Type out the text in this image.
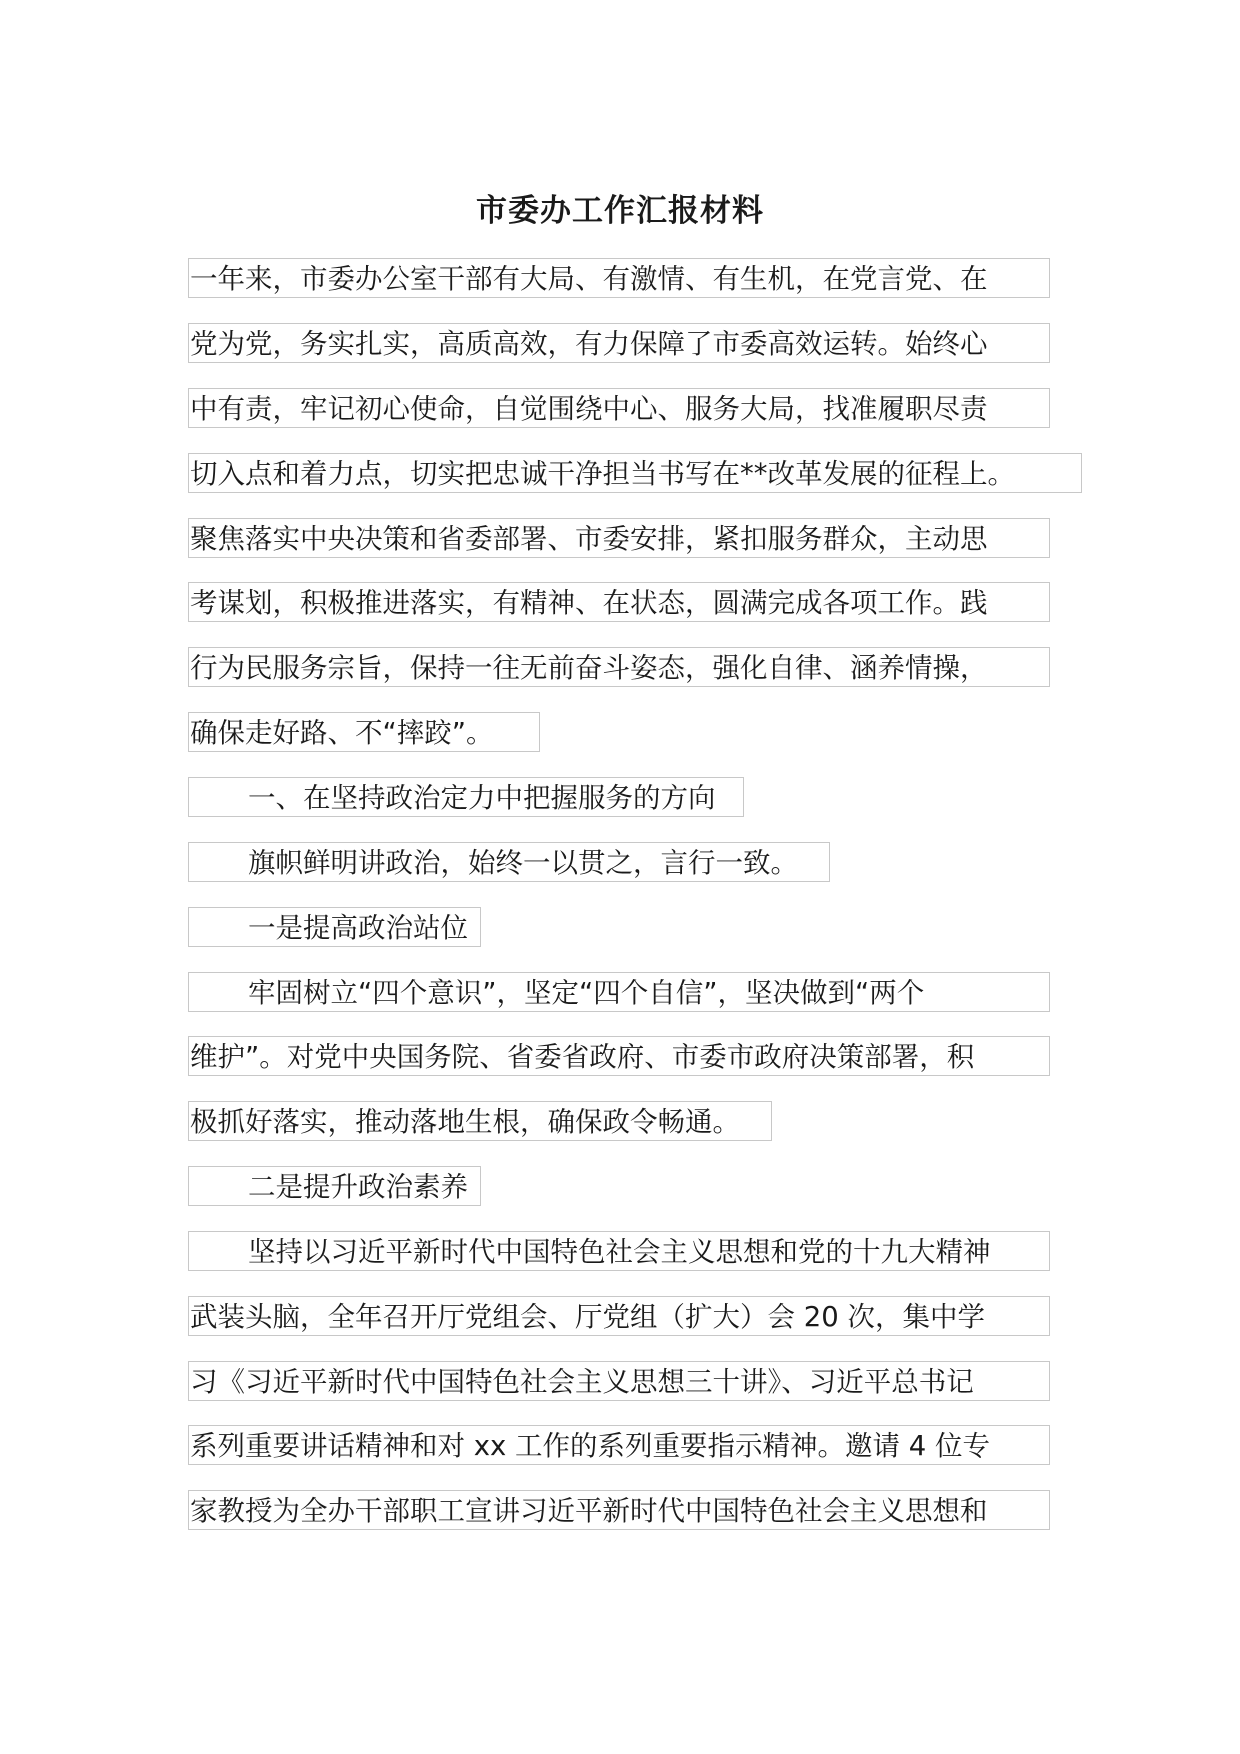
市委办工作汇报材料
一年来，市委办公室干部有大局、有激情、有生机，在党言党、在
党为党，务实扎实，高质高效，有力保障了市委高效运转。始终心
中有责，牢记初心使命，自觉围绕中心、服务大局，找准履职尽责
切入点和着力点，切实把忠诚干净担当书写在**改革发展的征程上。
聚焦落实中央决策和省委部署、市委安排，紧扣服务群众，主动思
考谋划，积极推进落实，有精神、在状态，圆满完成各项工作。践
行为民服务宗旨，保持一往无前奋斗姿态，强化自律、涵养情操，
确保走好路、不“摔跤”。
一、在坚持政治定力中把握服务的方向
旗帜鲜明讲政治，始终一以贯之，言行一致。
一是提高政治站位
牢固树立“四个意识”，坚定“四个自信”，坚决做到“两个
维护”。对党中央国务院、省委省政府、市委市政府决策部署，积
极抓好落实，推动落地生根，确保政令畅通。
二是提升政治素养
坚持以习近平新时代中国特色社会主义思想和党的十九大精神
武装头脑，全年召开厅党组会、厅党组（扩大）会 20 次，集中学
习《习近平新时代中国特色社会主义思想三十讲》、习近平总书记
系列重要讲话精神和对 xx 工作的系列重要指示精神。邀请 4 位专
家教授为全办干部职工宣讲习近平新时代中国特色社会主义思想和
